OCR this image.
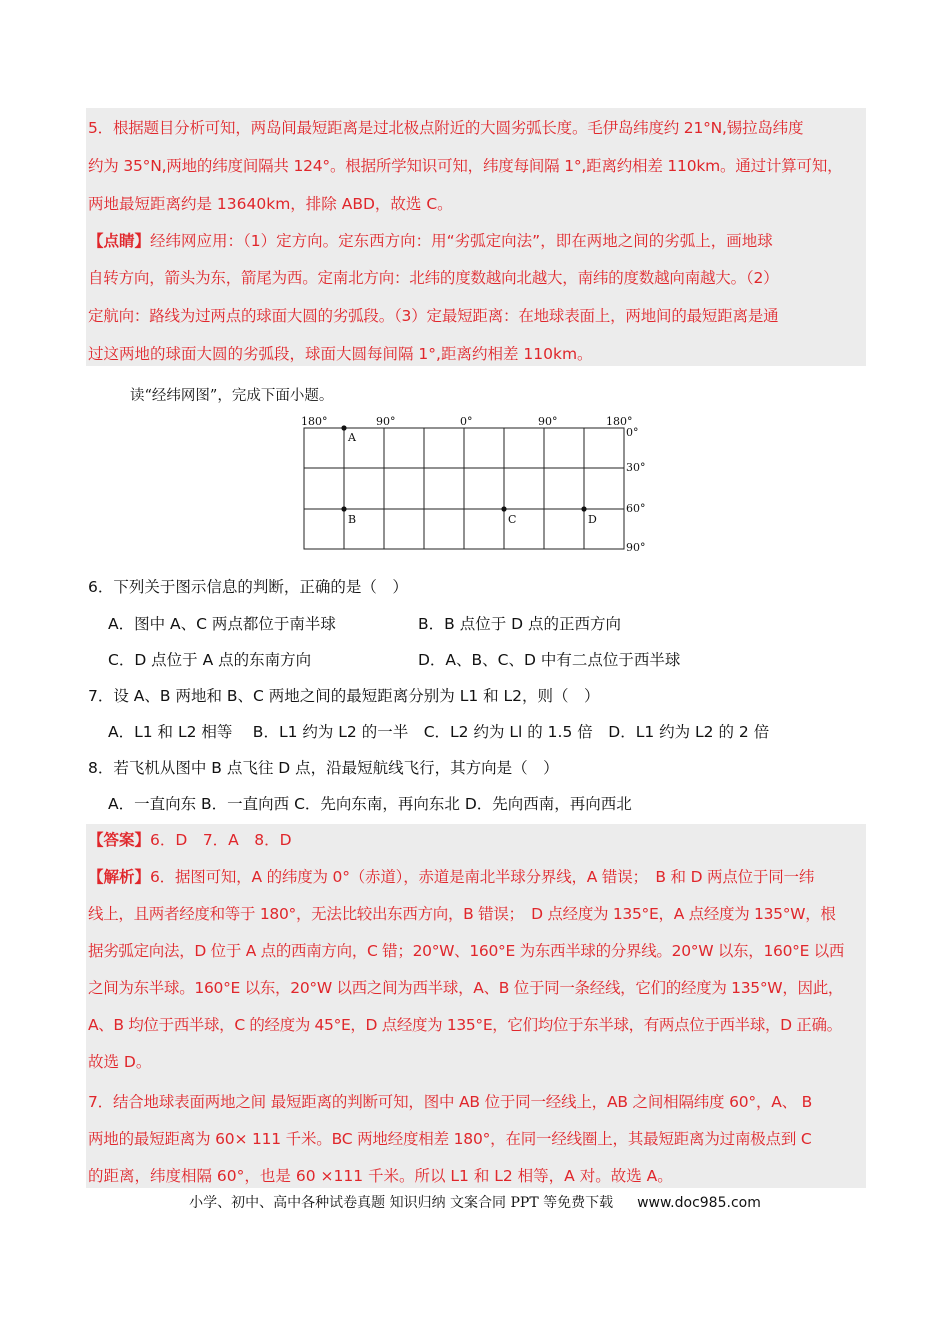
5．根据题目分析可知，两岛间最短距离是过北极点附近的大圆劣弧长度。毛伊岛纬度约 21°N,锡拉岛纬度
约为 35°N,两地的纬度间隔共 124°。根据所学知识可知，纬度每间隔 1°,距离约相差 110km。通过计算可知，
两地最短距离约是 13640km，排除 ABD，故选 C。
【点睛】经纬网应用：（1）定方向。定东西方向：用“劣弧定向法”，即在两地之间的劣弧上，画地球
自转方向，箭头为东，箭尾为西。定南北方向：北纬的度数越向北越大，南纬的度数越向南越大。（2）
定航向：路线为过两点的球面大圆的劣弧段。（3）定最短距离：在地球表面上，两地间的最短距离是通
过这两地的球面大圆的劣弧段，球面大圆每间隔 1°,距离约相差 110km。
读“经纬网图”，完成下面小题。
180°	90°	0°	90°	180°
0°
30°
60°
90°
A
B	C	D
6．下列关于图示信息的判断，正确的是（　）
A．图中 A、C 两点都位于南半球	B．B 点位于 D 点的正西方向
C．D 点位于 A 点的东南方向	D．A、B、C、D 中有二点位于西半球
7．设 A、B 两地和 B、C 两地之间的最短距离分别为 L1 和 L2，则（　）
A．L1 和 L2 相等　 B．L1 约为 L2 的一半　C．L2 约为 Ll 的 1.5 倍　D．L1 约为 L2 的 2 倍
8．若飞机从图中 B 点飞往 D 点，沿最短航线飞行，其方向是（　）
A．一直向东 B．一直向西 C．先向东南，再向东北 D．先向西南，再向西北
【答案】6．D　7．A　8．D
【解析】6．据图可知，A 的纬度为 0°（赤道），赤道是南北半球分界线，A 错误；　B 和 D 两点位于同一纬
线上，且两者经度和等于 180°，无法比较出东西方向，B 错误；　D 点经度为 135°E，A 点经度为 135°W，根
据劣弧定向法，D 位于 A 点的西南方向，C 错；20°W、160°E 为东西半球的分界线。20°W 以东，160°E 以西
之间为东半球。160°E 以东，20°W 以西之间为西半球，A、B 位于同一条经线，它们的经度为 135°W，因此，
A、B 均位于西半球，C 的经度为 45°E，D 点经度为 135°E，它们均位于东半球，有两点位于西半球，D 正确。
故选 D。
7．结合地球表面两地之间 最短距离的判断可知，图中 AB 位于同一经线上，AB 之间相隔纬度 60°，A、 B
两地的最短距离为 60× 111 千米。BC 两地经度相差 180°，在同一经线圈上，其最短距离为过南极点到 C
的距离，纬度相隔 60°，也是 60 ×111 千米。所以 L1 和 L2 相等，A 对。故选 A。
小学、初中、高中各种试卷真题 知识归纳 文案合同 PPT 等免费下载 www.doc985.com
